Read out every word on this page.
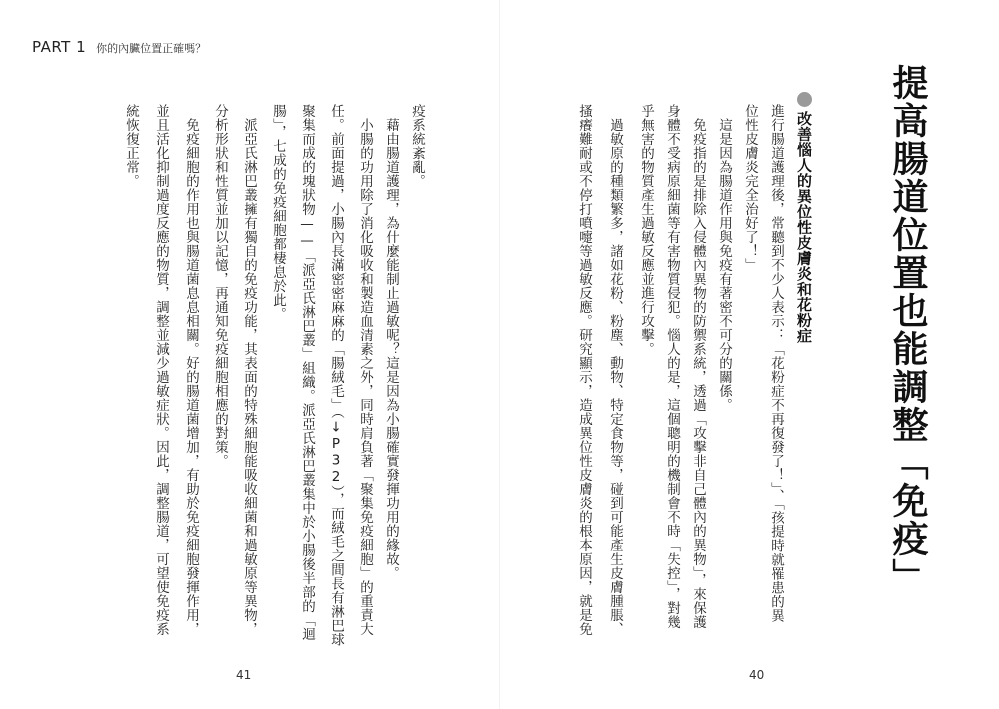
PART 1 你的內臟位置正確嗎？
提高腸道位置也能調整「免疫」
改善惱人的異位性皮膚炎和花粉症
進行腸道護理後，常聽到不少人表示：「花粉症不再復發了！」、「孩提時就罹患的異
位性皮膚炎完全治好了！」
　這是因為腸道作用與免疫有著密不可分的關係。
　免疫指的是排除入侵體內異物的防禦系統，透過「攻擊非自己體內的異物」，來保護
身體不受病原細菌等有害物質侵犯。惱人的是，這個聰明的機制會不時「失控」，對幾
乎無害的物質產生過敏反應並進行攻擊。
　過敏原的種類繁多，諸如花粉、粉塵、動物、特定食物等，碰到可能產生皮膚腫脹、
搔癢難耐或不停打噴嚏等過敏反應。研究顯示，造成異位性皮膚炎的根本原因，就是免
40
疫系統紊亂。
　藉由腸道護理，為什麼能制止過敏呢？這是因為小腸確實發揮功用的緣故。
　小腸的功用除了消化吸收和製造血清素之外，同時肩負著「聚集免疫細胞」的重責大
任。前面提過，小腸內長滿密密麻麻的「腸絨毛」（↓P32），而絨毛之間長有淋巴球
聚集而成的塊狀物——「派亞氏淋巴叢」組織。派亞氏淋巴叢集中於小腸後半部的「迴
腸」，七成的免疫細胞都棲息於此。
　派亞氏淋巴叢擁有獨自的免疫功能，其表面的特殊細胞能吸收細菌和過敏原等異物，
分析形狀和性質並加以記憶，再通知免疫細胞相應的對策。
　免疫細胞的作用也與腸道菌息息相關。好的腸道菌增加，有助於免疫細胞發揮作用，
並且活化抑制過度反應的物質，調整並減少過敏症狀。因此，調整腸道，可望使免疫系
統恢復正常。
41
